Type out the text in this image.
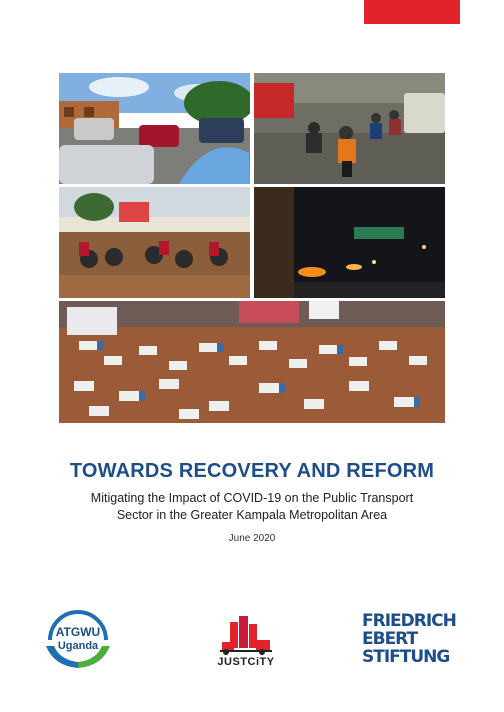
TOWARDS RECOVERY AND REFORM
Mitigating the Impact of COVID-19 on the Public Transport
Sector in the Greater Kampala Metropolitan Area
June 2020
ATGWU
Uganda
JUSTCiTY
FRIEDRICH
EBERT
STIFTUNG
